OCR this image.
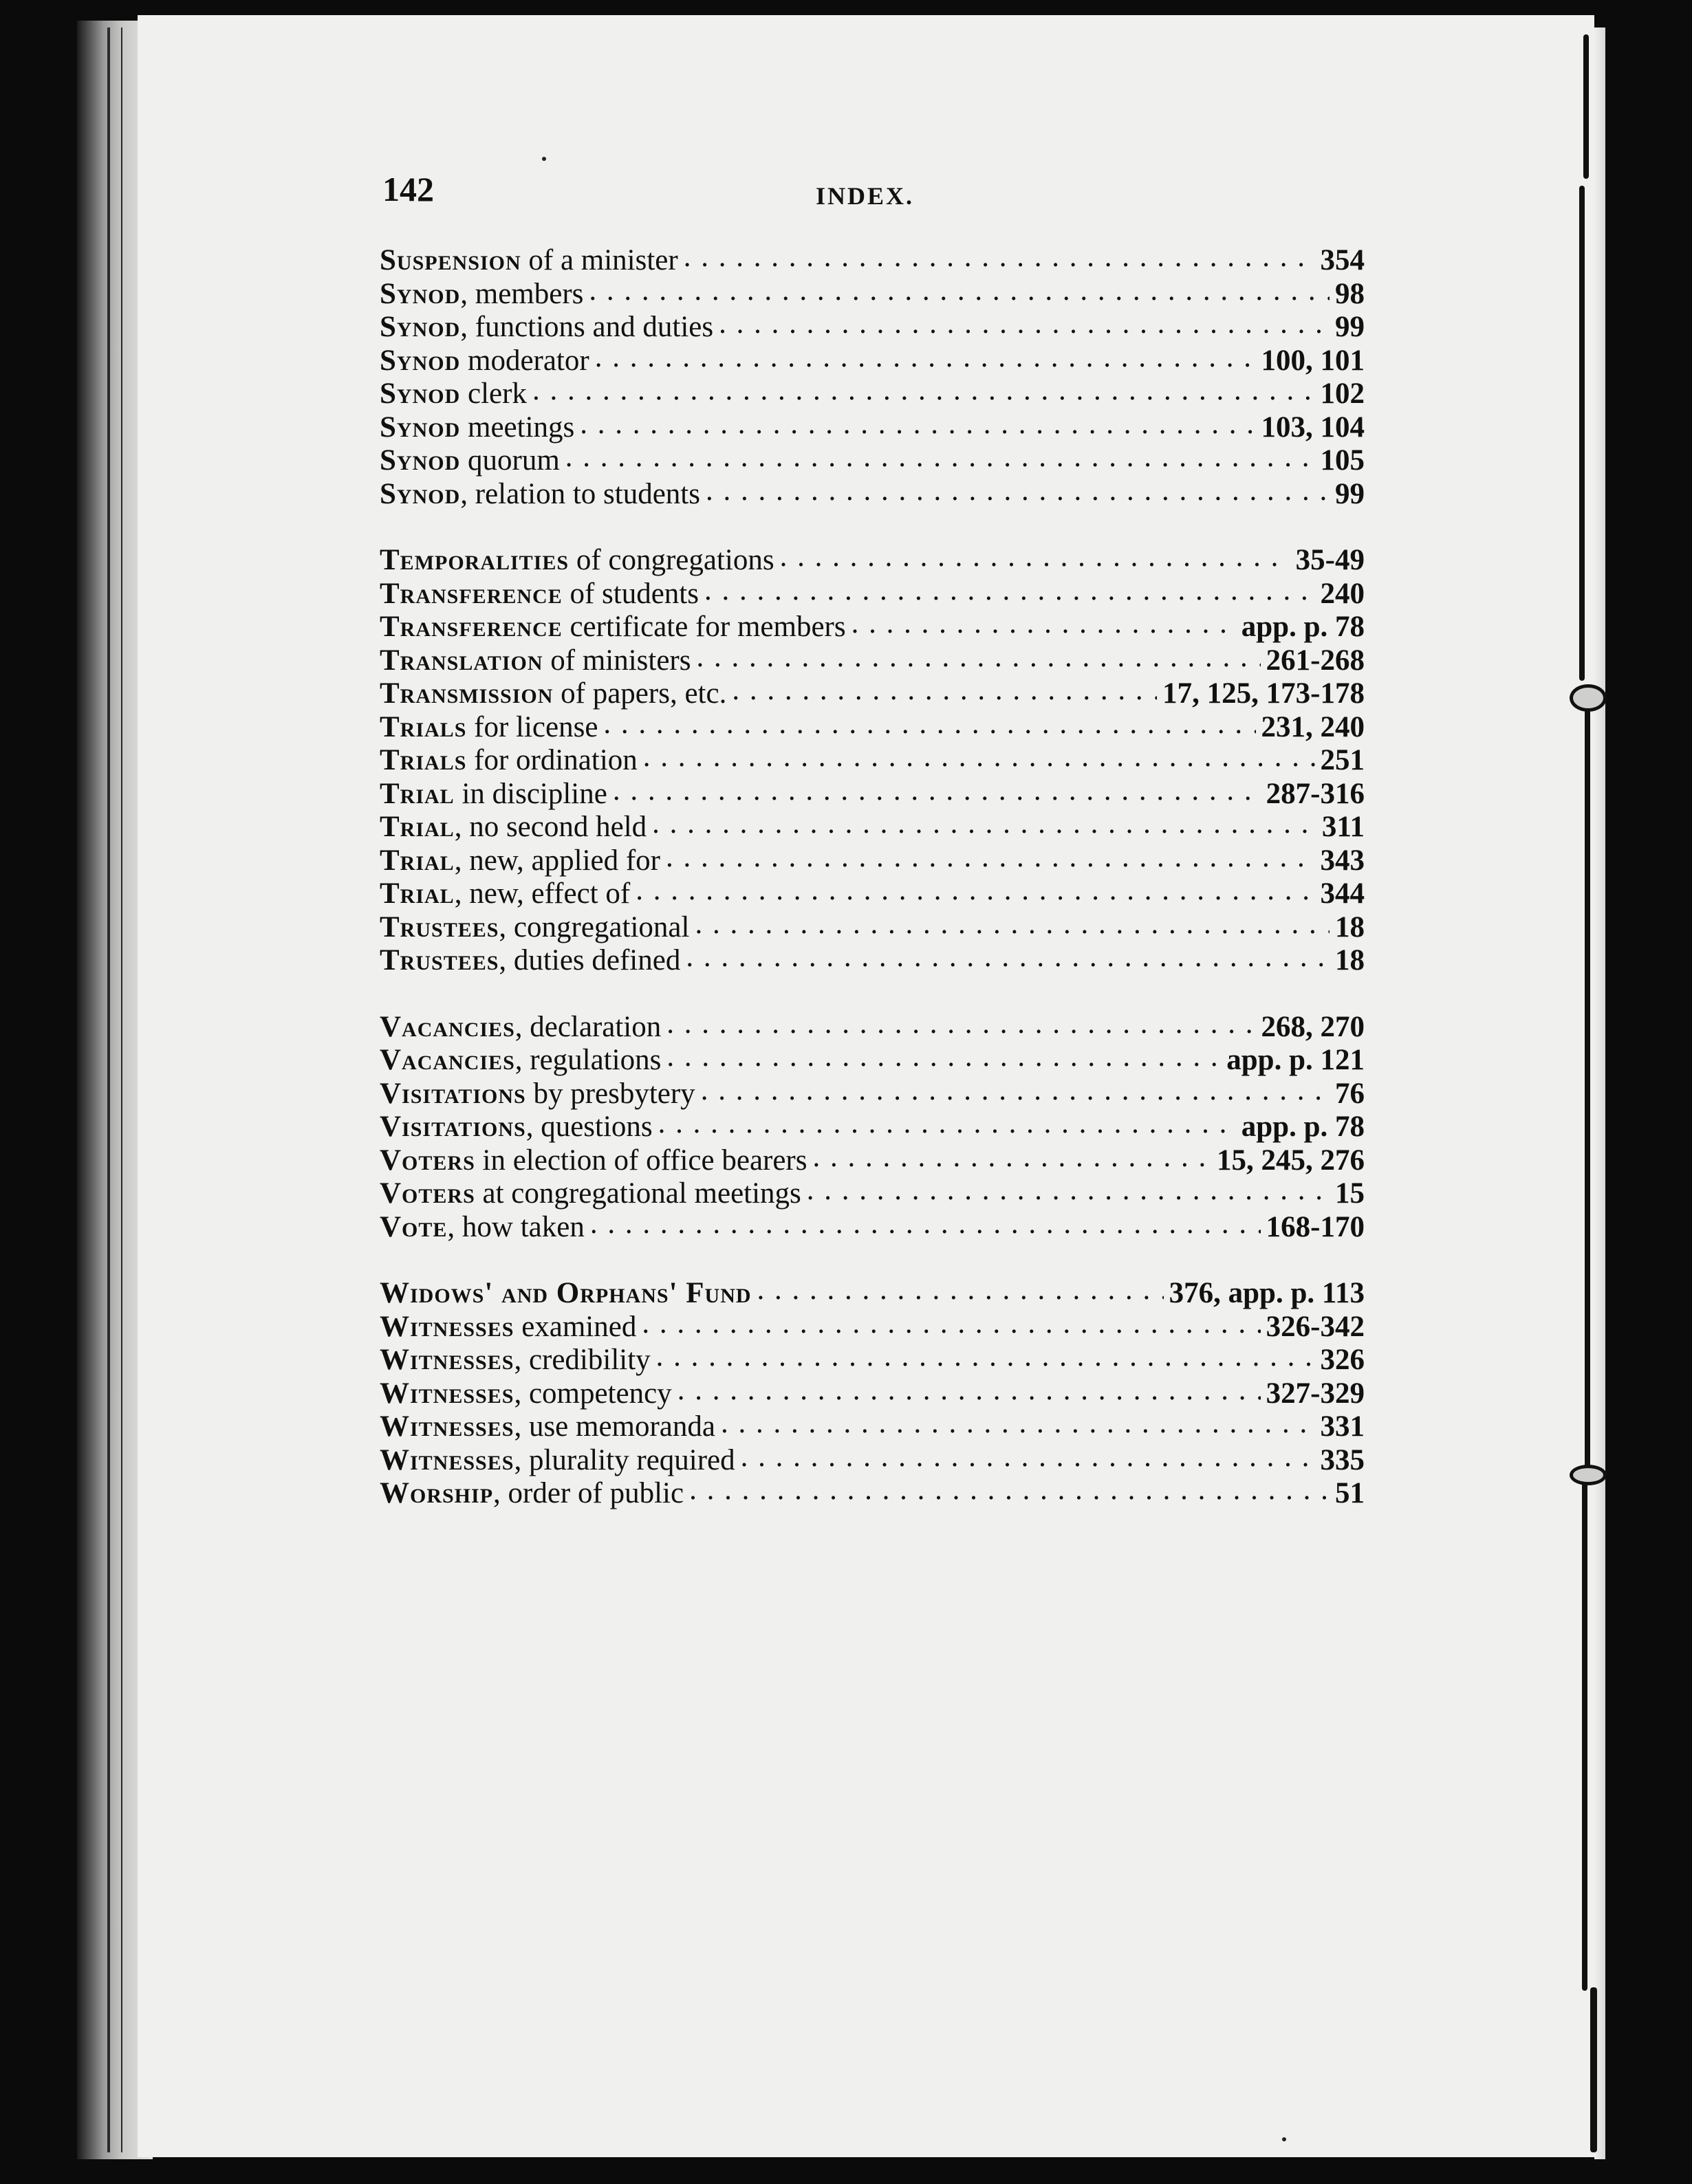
142	INDEX.
Suspension of a minister . . .	354
Synod , members . . .	98
Synod , functions and duties . . .	99
Synod moderator . . .	100, 101
Synod clerk . . .	102
Synod meetings . . .	103, 104
Synod quorum . . .	105
Synod , relation to students . . .	99
Temporalities of congregations . . .	35-49
Transference of students . . .	240
Transference certificate for members . . .	app. p. 78
Translation of ministers . . .	261-268
Transmission of papers, etc. . . .	17, 125, 173-178
Trials for license . . .	231, 240
Trials for ordination . . .	251
Trial in discipline . . .	287-316
Trial , no second held . . .	311
Trial , new, applied for . . .	343
Trial , new, effect of . . .	344
Trustees , congregational . . .	18
Trustees , duties defined . . .	18
Vacancies , declaration . . .	268, 270
Vacancies , regulations . . .	app. p. 121
Visitations by presbytery . . .	76
Visitations , questions . . .	app. p. 78
Voters in election of office bearers . . .	15, 245, 276
Voters at congregational meetings . . .	15
Vote , how taken . . .	168-170
Widows' and Orphans' Fund . . .	376, app. p. 113
Witnesses examined . . .	326-342
Witnesses , credibility . . .	326
Witnesses , competency . . .	327-329
Witnesses , use memoranda . . .	331
Witnesses , plurality required . . .	335
Worship , order of public . . .	51
